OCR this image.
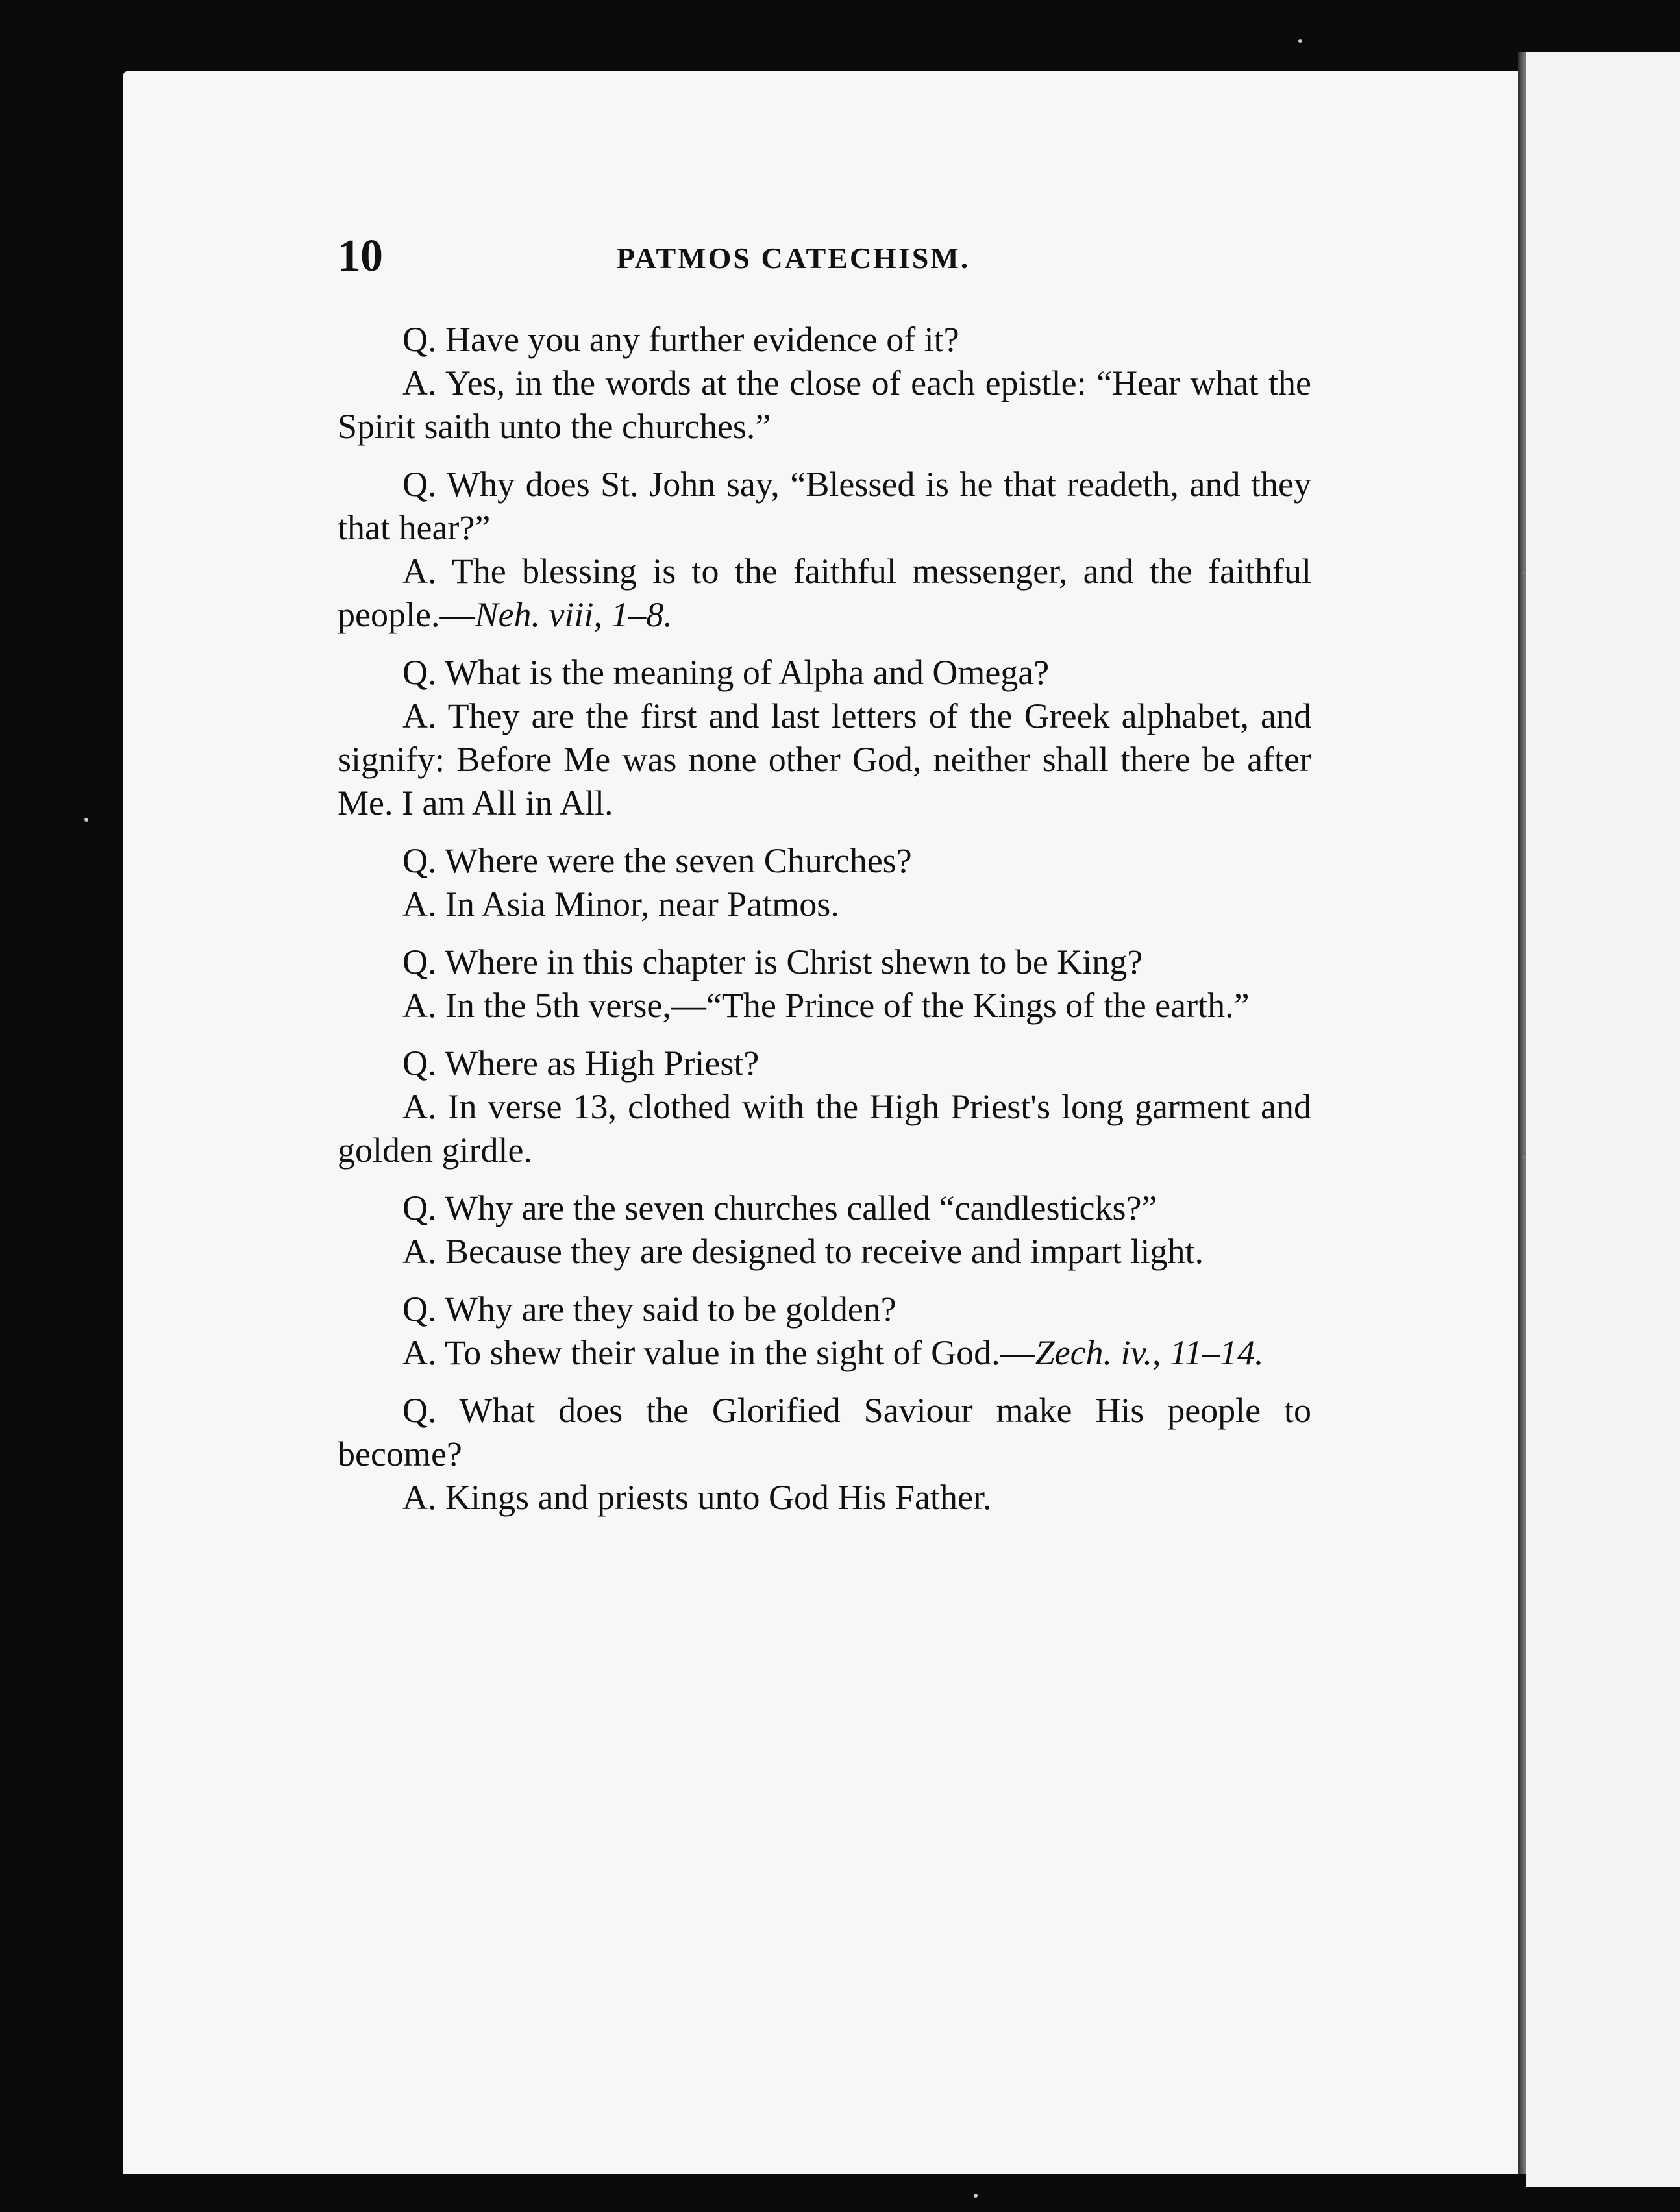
10	PATMOS CATECHISM.

Q. Have you any further evidence of it?

A. Yes, in the words at the close of each epistle: “Hear what the Spirit saith unto the churches.”

Q. Why does St. John say, “Blessed is he that readeth, and they that hear?”

A. The blessing is to the faithful messenger, and the faithful people.—Neh. viii, 1–8.

Q. What is the meaning of Alpha and Omega?

A. They are the first and last letters of the Greek alphabet, and signify: Before Me was none other God, neither shall there be after Me. I am All in All.

Q. Where were the seven Churches?

A. In Asia Minor, near Patmos.

Q. Where in this chapter is Christ shewn to be King?

A. In the 5th verse,—“The Prince of the Kings of the earth.”

Q. Where as High Priest?

A. In verse 13, clothed with the High Priest's long garment and golden girdle.

Q. Why are the seven churches called “candlesticks?”

A. Because they are designed to receive and impart light.

Q. Why are they said to be golden?

A. To shew their value in the sight of God.—Zech. iv., 11–14.

Q. What does the Glorified Saviour make His people to become?

A. Kings and priests unto God His Father.
